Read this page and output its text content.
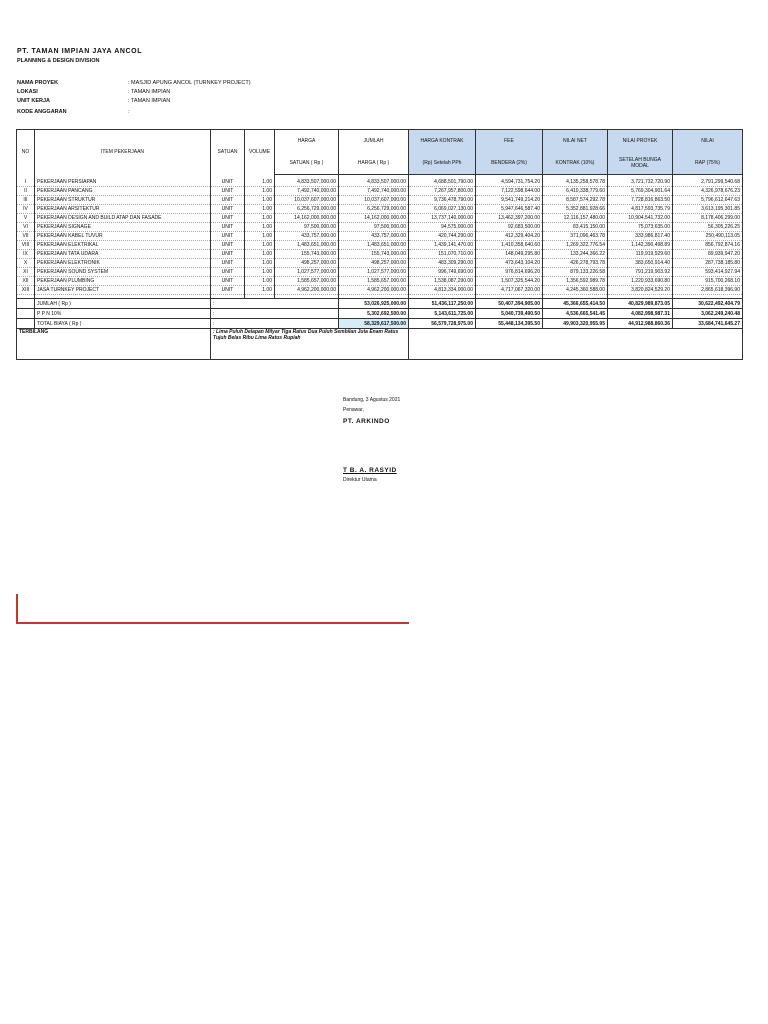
PT. TAMAN IMPIAN JAYA ANCOL
PLANNING & DESIGN DIVISION
NAMA PROYEK	: MASJID APUNG ANCOL (TURNKEY PROJECT)
LOKASI	: TAMAN IMPIAN
UNIT KERJA	: TAMAN IMPIAN
KODE ANGGARAN	:
NO	ITEM PEKERJAAN	SATUAN	VOLUME	HARGA	JUMLAH	HARGA KONTRAK	FEE	NILAI NET	NILAI PROYEK	NILAI
				SATUAN ( Rp )	HARGA ( Rp )	(Rp) Setelah PPh	BENDERA (2%)	KONTRAK (10%)	SETELAH BUNGA MODAL	RAP (75%)

I	PEKERJAAN PERSIAPAN	UNIT	1.00	4,833,507,000.00	4,833,507,000.00	4,688,501,790.00	4,594,731,754.20	4,135,258,578.78	3,721,732,720.90	2,791,299,540.68
II	PEKERJAAN PANCANG	UNIT	1.00	7,492,740,000.00	7,492,740,000.00	7,267,957,800.00	7,122,598,644.00	6,410,338,779.60	5,769,304,901.64	4,326,978,676.23
III	PEKERJAAN STRUKTUR	UNIT	1.00	10,037,607,000.00	10,037,607,000.00	9,736,478,790.00	9,541,749,214.20	8,587,574,292.78	7,728,816,863.50	5,796,612,647.63
IV	PEKERJAAN ARSITEKTUR	UNIT	1.00	6,256,729,000.00	6,256,729,000.00	6,069,027,130.00	5,947,646,587.40	5,352,881,928.66	4,817,593,735.79	3,613,195,301.85
V	PEKERJAAN DESIGN AND BUILD ATAP DAN FASADE	UNIT	1.00	14,162,000,000.00	14,162,000,000.00	13,737,140,000.00	13,462,397,200.00	12,116,157,480.00	10,904,541,732.00	8,178,406,299.00
VI	PEKERJAAN SIGNAGE	UNIT	1.00	97,500,000.00	97,500,000.00	94,575,000.00	92,683,500.00	83,415,150.00	75,073,635.00	56,305,226.25
VII	PEKERJAAN KABEL TUVUR	UNIT	1.00	433,757,000.00	433,757,000.00	420,744,290.00	412,329,404.20	371,096,463.78	333,986,817.40	250,490,113.05
VIII	PEKERJAAN ELEKTRIKAL	UNIT	1.00	1,483,651,000.00	1,483,651,000.00	1,439,141,470.00	1,410,358,640.60	1,269,322,776.54	1,142,390,498.89	856,792,874.16
IX	PEKERJAAN TATA UDARA	UNIT	1.00	155,743,000.00	155,743,000.00	151,070,710.00	148,049,295.80	133,244,366.22	119,919,929.60	89,939,947.20
X	PEKERJAAN ELEKTRONIK	UNIT	1.00	498,257,000.00	498,257,000.00	483,309,290.00	473,643,104.20	426,278,793.78	383,650,914.40	287,738,185.80
XI	PEKERJAAN SOUND SYSTEM	UNIT	1.00	1,027,577,000.00	1,027,577,000.00	996,749,690.00	976,814,696.20	879,133,226.58	791,219,903.92	593,414,927.94
XII	PEKERJAAN PLUMBING	UNIT	1.00	1,585,657,000.00	1,585,657,000.00	1,538,087,290.00	1,507,325,544.20	1,356,592,989.78	1,220,933,690.80	915,700,268.10
XIII	JASA TURNKEY PROJECT	UNIT	1.00	4,962,200,000.00	4,962,200,000.00	4,813,334,000.00	4,717,067,320.00	4,245,360,588.00	3,820,824,529.20	2,865,618,396.90

	JUMLAH ( Rp )	:			53,026,925,000.00	51,436,117,250.00	50,407,394,905.00	45,366,655,414.50	40,829,989,873.05	30,622,492,404.79
	P P N 10%	:			5,302,692,500.00	5,143,611,725.00	5,040,739,490.50	4,536,665,541.45	4,082,998,987.31	3,062,249,240.48
	TOTAL BIAYA ( Rp )	:			58,329,617,500.00	56,579,728,975.00	55,448,134,395.50	49,903,320,955.95	44,912,988,860.36	33,684,741,645.27
TERBILANG		: Lima Puluh Delapan Milyar Tiga Ratus Dua Puluh Sembilan Juta Enam Ratus Tujuh Belas Ribu Lima Ratus Rupiah								
Bandung, 3 Agustus 2021
Penawar,
PT. ARKINDO
T B. A. RASYID
Direktur Utama
